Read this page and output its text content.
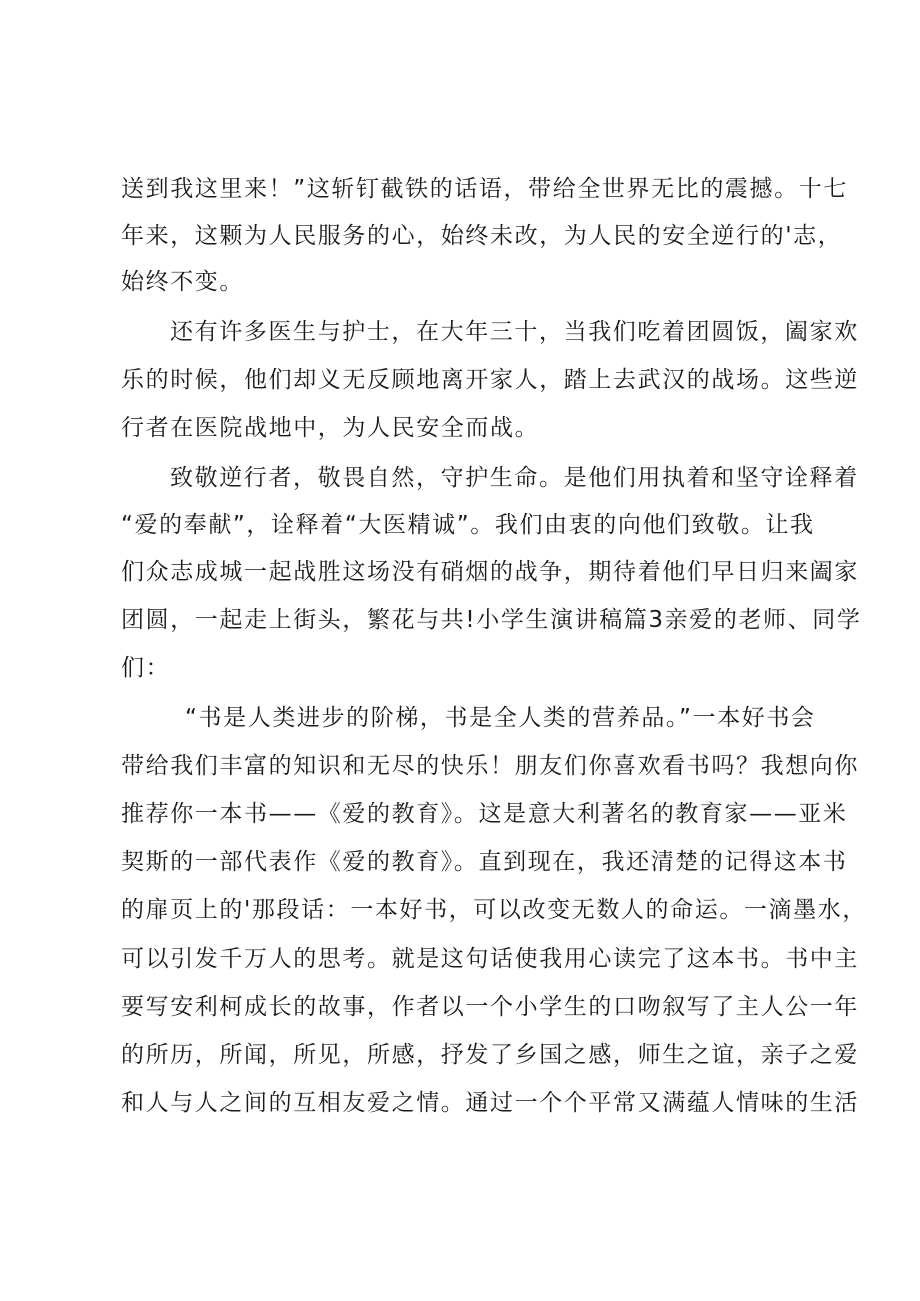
送到我这里来！”这斩钉截铁的话语，带给全世界无比的震撼。十七
年来，这颗为人民服务的心，始终未改，为人民的安全逆行的'志，
始终不变。
还有许多医生与护士，在大年三十，当我们吃着团圆饭，阖家欢
乐的时候，他们却义无反顾地离开家人，踏上去武汉的战场。这些逆
行者在医院战地中，为人民安全而战。
致敬逆行者，敬畏自然，守护生命。是他们用执着和坚守诠释着
“爱的奉献”，诠释着“大医精诚”。我们由衷的向他们致敬。让我
们众志成城一起战胜这场没有硝烟的战争，期待着他们早日归来阖家
团圆，一起走上街头，繁花与共!小学生演讲稿篇3亲爱的老师、同学
们：
“书是人类进步的阶梯，书是全人类的营养品。”一本好书会
带给我们丰富的知识和无尽的快乐！朋友们你喜欢看书吗？我想向你
推荐你一本书——《爱的教育》。这是意大利著名的教育家——亚米
契斯的一部代表作《爱的教育》。直到现在，我还清楚的记得这本书
的扉页上的'那段话：一本好书，可以改变无数人的命运。一滴墨水，
可以引发千万人的思考。就是这句话使我用心读完了这本书。书中主
要写安利柯成长的故事，作者以一个小学生的口吻叙写了主人公一年
的所历，所闻，所见，所感，抒发了乡国之感，师生之谊，亲子之爱
和人与人之间的互相友爱之情。通过一个个平常又满蕴人情味的生活
